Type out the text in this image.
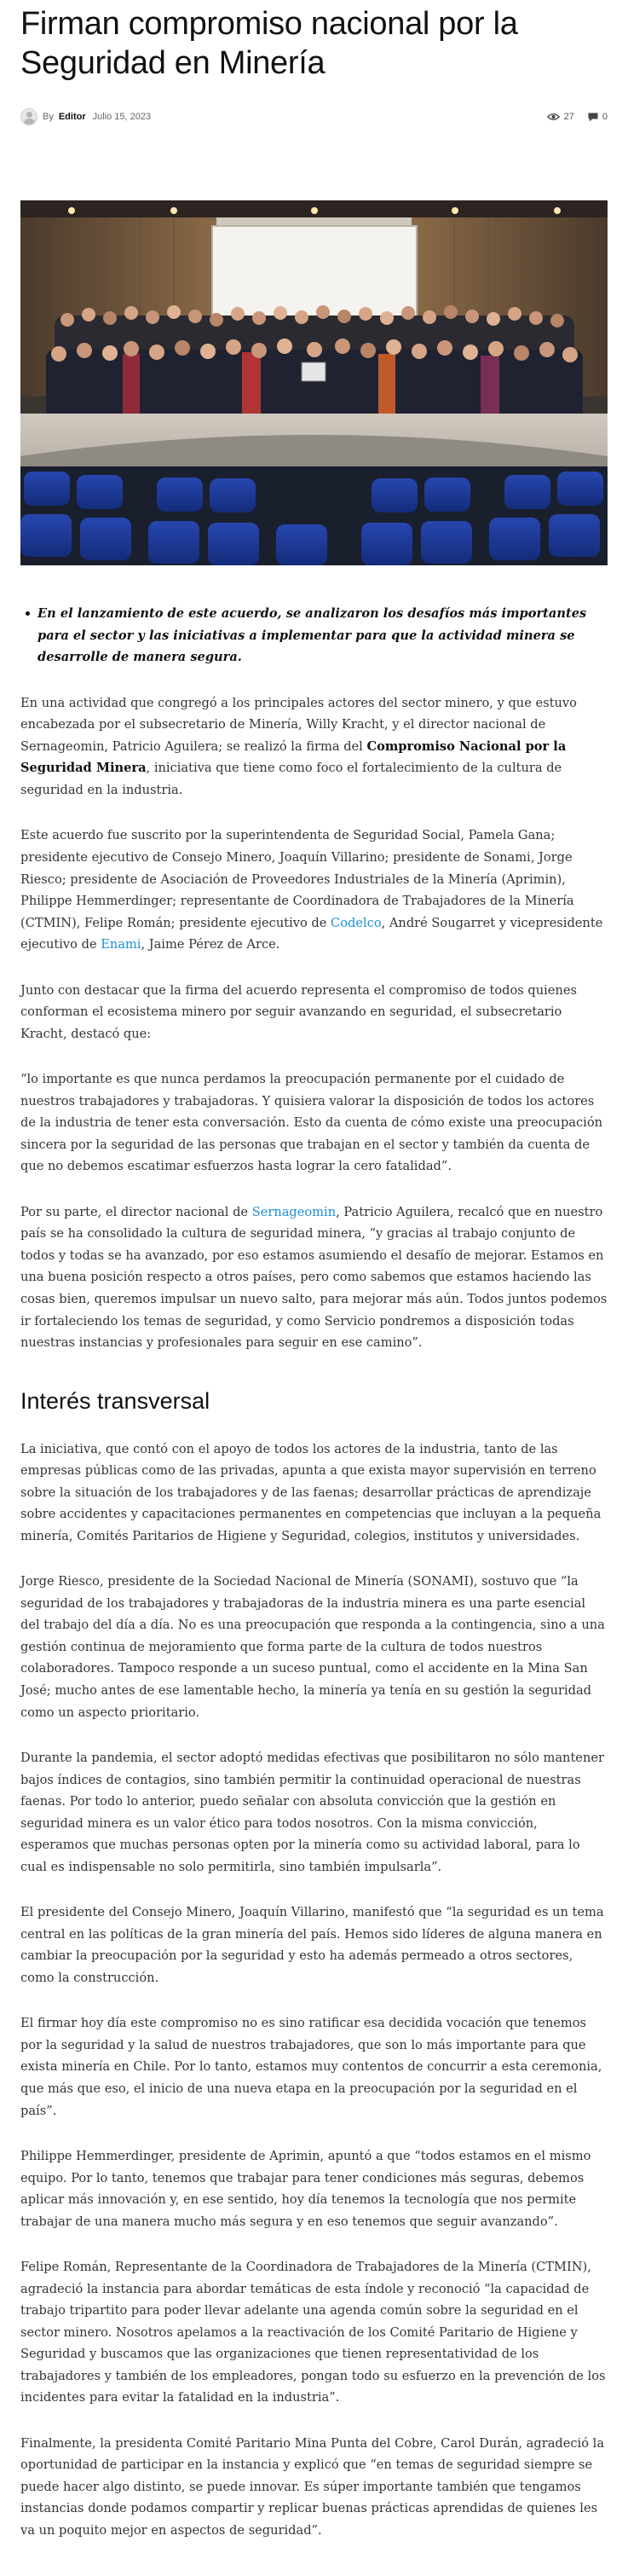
Firman compromiso nacional por la Seguridad en Minería
By Editor Julio 15, 2023	27	0
En el lanzamiento de este acuerdo, se analizaron los desafíos más importantes para el sector y las iniciativas a implementar para que la actividad minera se desarrolle de manera segura.

En una actividad que congregó a los principales actores del sector minero, y que estuvo encabezada por el subsecretario de Minería, Willy Kracht, y el director nacional de Sernageomin, Patricio Aguilera; se realizó la firma del Compromiso Nacional por la Seguridad Minera, iniciativa que tiene como foco el fortalecimiento de la cultura de seguridad en la industria.

Este acuerdo fue suscrito por la superintendenta de Seguridad Social, Pamela Gana; presidente ejecutivo de Consejo Minero, Joaquín Villarino; presidente de Sonami, Jorge Riesco; presidente de Asociación de Proveedores Industriales de la Minería (Aprimin), Philippe Hemmerdinger; representante de Coordinadora de Trabajadores de la Minería (CTMIN), Felipe Román; presidente ejecutivo de Codelco, André Sougarret y vicepresidente ejecutivo de Enami, Jaime Pérez de Arce.

Junto con destacar que la firma del acuerdo representa el compromiso de todos quienes conforman el ecosistema minero por seguir avanzando en seguridad, el subsecretario Kracht, destacó que:

“lo importante es que nunca perdamos la preocupación permanente por el cuidado de nuestros trabajadores y trabajadoras. Y quisiera valorar la disposición de todos los actores de la industria de tener esta conversación. Esto da cuenta de cómo existe una preocupación sincera por la seguridad de las personas que trabajan en el sector y también da cuenta de que no debemos escatimar esfuerzos hasta lograr la cero fatalidad”.

Por su parte, el director nacional de Sernageomin, Patricio Aguilera, recalcó que en nuestro país se ha consolidado la cultura de seguridad minera, “y gracias al trabajo conjunto de todos y todas se ha avanzado, por eso estamos asumiendo el desafío de mejorar. Estamos en una buena posición respecto a otros países, pero como sabemos que estamos haciendo las cosas bien, queremos impulsar un nuevo salto, para mejorar más aún. Todos juntos podemos ir fortaleciendo los temas de seguridad, y como Servicio pondremos a disposición todas nuestras instancias y profesionales para seguir en ese camino”.

Interés transversal

La iniciativa, que contó con el apoyo de todos los actores de la industria, tanto de las empresas públicas como de las privadas, apunta a que exista mayor supervisión en terreno sobre la situación de los trabajadores y de las faenas; desarrollar prácticas de aprendizaje sobre accidentes y capacitaciones permanentes en competencias que incluyan a la pequeña minería, Comités Paritarios de Higiene y Seguridad, colegios, institutos y universidades.

Jorge Riesco, presidente de la Sociedad Nacional de Minería (SONAMI), sostuvo que “la seguridad de los trabajadores y trabajadoras de la industria minera es una parte esencial del trabajo del día a día. No es una preocupación que responda a la contingencia, sino a una gestión continua de mejoramiento que forma parte de la cultura de todos nuestros colaboradores. Tampoco responde a un suceso puntual, como el accidente en la Mina San José; mucho antes de ese lamentable hecho, la minería ya tenía en su gestión la seguridad como un aspecto prioritario.

Durante la pandemia, el sector adoptó medidas efectivas que posibilitaron no sólo mantener bajos índices de contagios, sino también permitir la continuidad operacional de nuestras faenas. Por todo lo anterior, puedo señalar con absoluta convicción que la gestión en seguridad minera es un valor ético para todos nosotros. Con la misma convicción, esperamos que muchas personas opten por la minería como su actividad laboral, para lo cual es indispensable no solo permitirla, sino también impulsarla”.

El presidente del Consejo Minero, Joaquín Villarino, manifestó que “la seguridad es un tema central en las políticas de la gran minería del país. Hemos sido líderes de alguna manera en cambiar la preocupación por la seguridad y esto ha además permeado a otros sectores, como la construcción.

El firmar hoy día este compromiso no es sino ratificar esa decidida vocación que tenemos por la seguridad y la salud de nuestros trabajadores, que son lo más importante para que exista minería en Chile. Por lo tanto, estamos muy contentos de concurrir a esta ceremonia, que más que eso, el inicio de una nueva etapa en la preocupación por la seguridad en el país”.

Philippe Hemmerdinger, presidente de Aprimin, apuntó a que “todos estamos en el mismo equipo. Por lo tanto, tenemos que trabajar para tener condiciones más seguras, debemos aplicar más innovación y, en ese sentido, hoy día tenemos la tecnología que nos permite trabajar de una manera mucho más segura y en eso tenemos que seguir avanzando”.

Felipe Román, Representante de la Coordinadora de Trabajadores de la Minería (CTMIN), agradeció la instancia para abordar temáticas de esta índole y reconoció “la capacidad de trabajo tripartito para poder llevar adelante una agenda común sobre la seguridad en el sector minero. Nosotros apelamos a la reactivación de los Comité Paritario de Higiene y Seguridad y buscamos que las organizaciones que tienen representatividad de los trabajadores y también de los empleadores, pongan todo su esfuerzo en la prevención de los incidentes para evitar la fatalidad en la industria”.

Finalmente, la presidenta Comité Paritario Mina Punta del Cobre, Carol Durán, agradeció la oportunidad de participar en la instancia y explicó que “en temas de seguridad siempre se puede hacer algo distinto, se puede innovar. Es súper importante también que tengamos instancias donde podamos compartir y replicar buenas prácticas aprendidas de quienes les va un poquito mejor en aspectos de seguridad”.
